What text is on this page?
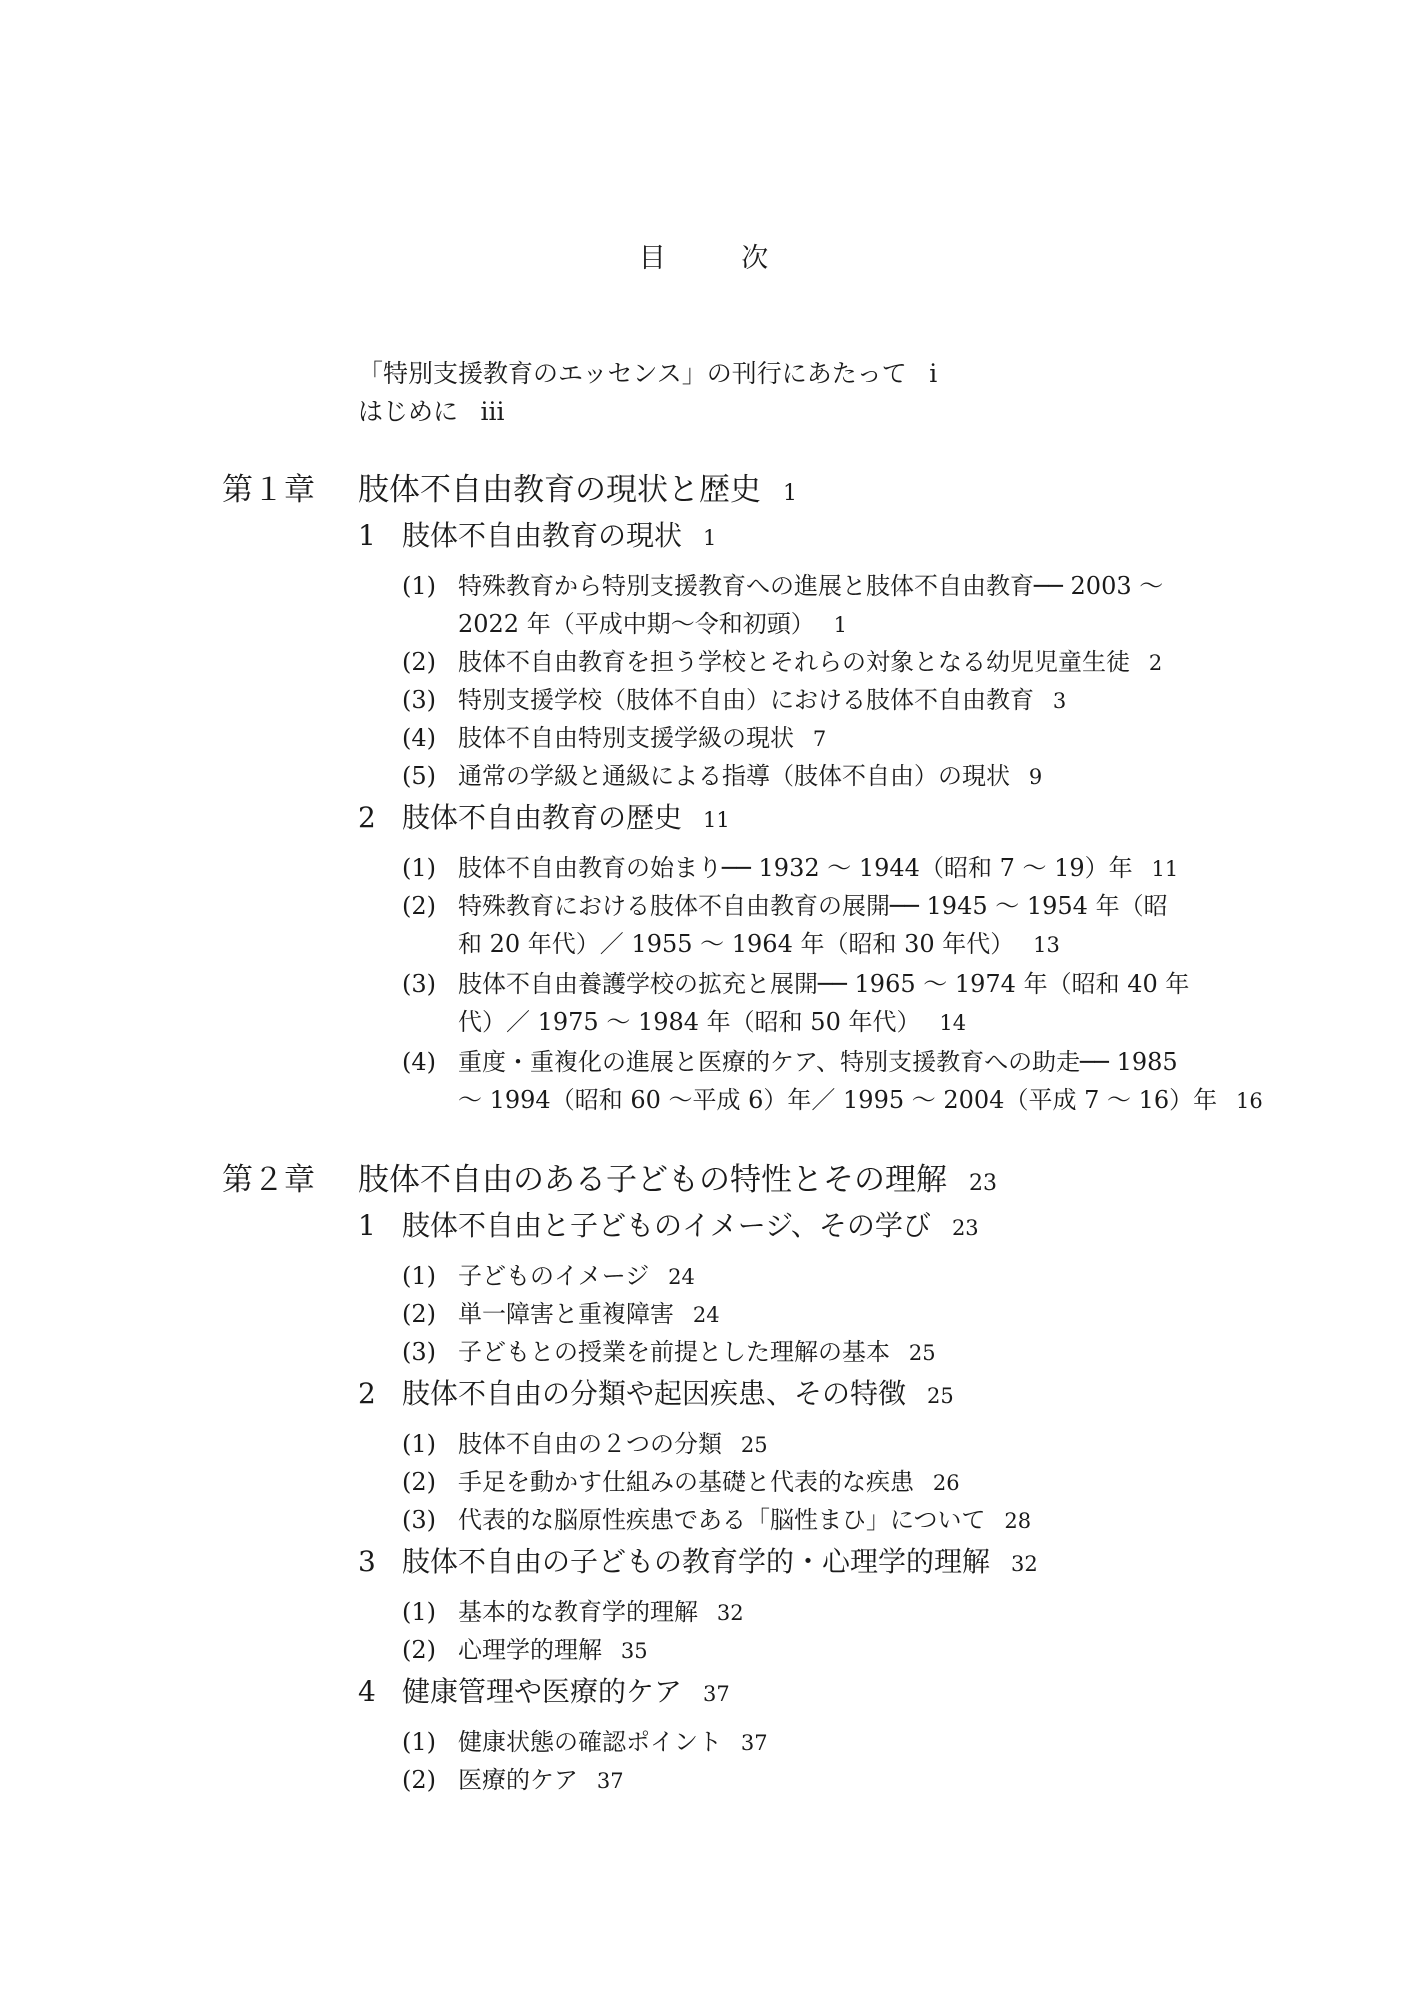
目　次
「特別支援教育のエッセンス」の刊行にあたって i
はじめに iii
第１章 肢体不自由教育の現状と歴史 1
1 肢体不自由教育の現状 1
(1) 特殊教育から特別支援教育への進展と肢体不自由教育── 2003 〜
2022 年（平成中期〜令和初頭） 1
(2) 肢体不自由教育を担う学校とそれらの対象となる幼児児童生徒 2
(3) 特別支援学校（肢体不自由）における肢体不自由教育 3
(4) 肢体不自由特別支援学級の現状 7
(5) 通常の学級と通級による指導（肢体不自由）の現状 9
2 肢体不自由教育の歴史 11
(1) 肢体不自由教育の始まり── 1932 〜 1944（昭和 7 〜 19）年 11
(2) 特殊教育における肢体不自由教育の展開── 1945 〜 1954 年（昭
和 20 年代）／ 1955 〜 1964 年（昭和 30 年代） 13
(3) 肢体不自由養護学校の拡充と展開── 1965 〜 1974 年（昭和 40 年
代）／ 1975 〜 1984 年（昭和 50 年代） 14
(4) 重度・重複化の進展と医療的ケア、特別支援教育への助走── 1985
〜 1994（昭和 60 〜平成 6）年／ 1995 〜 2004（平成 7 〜 16）年 16
第２章 肢体不自由のある子どもの特性とその理解 23
1 肢体不自由と子どものイメージ、その学び 23
(1) 子どものイメージ 24
(2) 単一障害と重複障害 24
(3) 子どもとの授業を前提とした理解の基本 25
2 肢体不自由の分類や起因疾患、その特徴 25
(1) 肢体不自由の２つの分類 25
(2) 手足を動かす仕組みの基礎と代表的な疾患 26
(3) 代表的な脳原性疾患である「脳性まひ」について 28
3 肢体不自由の子どもの教育学的・心理学的理解 32
(1) 基本的な教育学的理解 32
(2) 心理学的理解 35
4 健康管理や医療的ケア 37
(1) 健康状態の確認ポイント 37
(2) 医療的ケア 37
